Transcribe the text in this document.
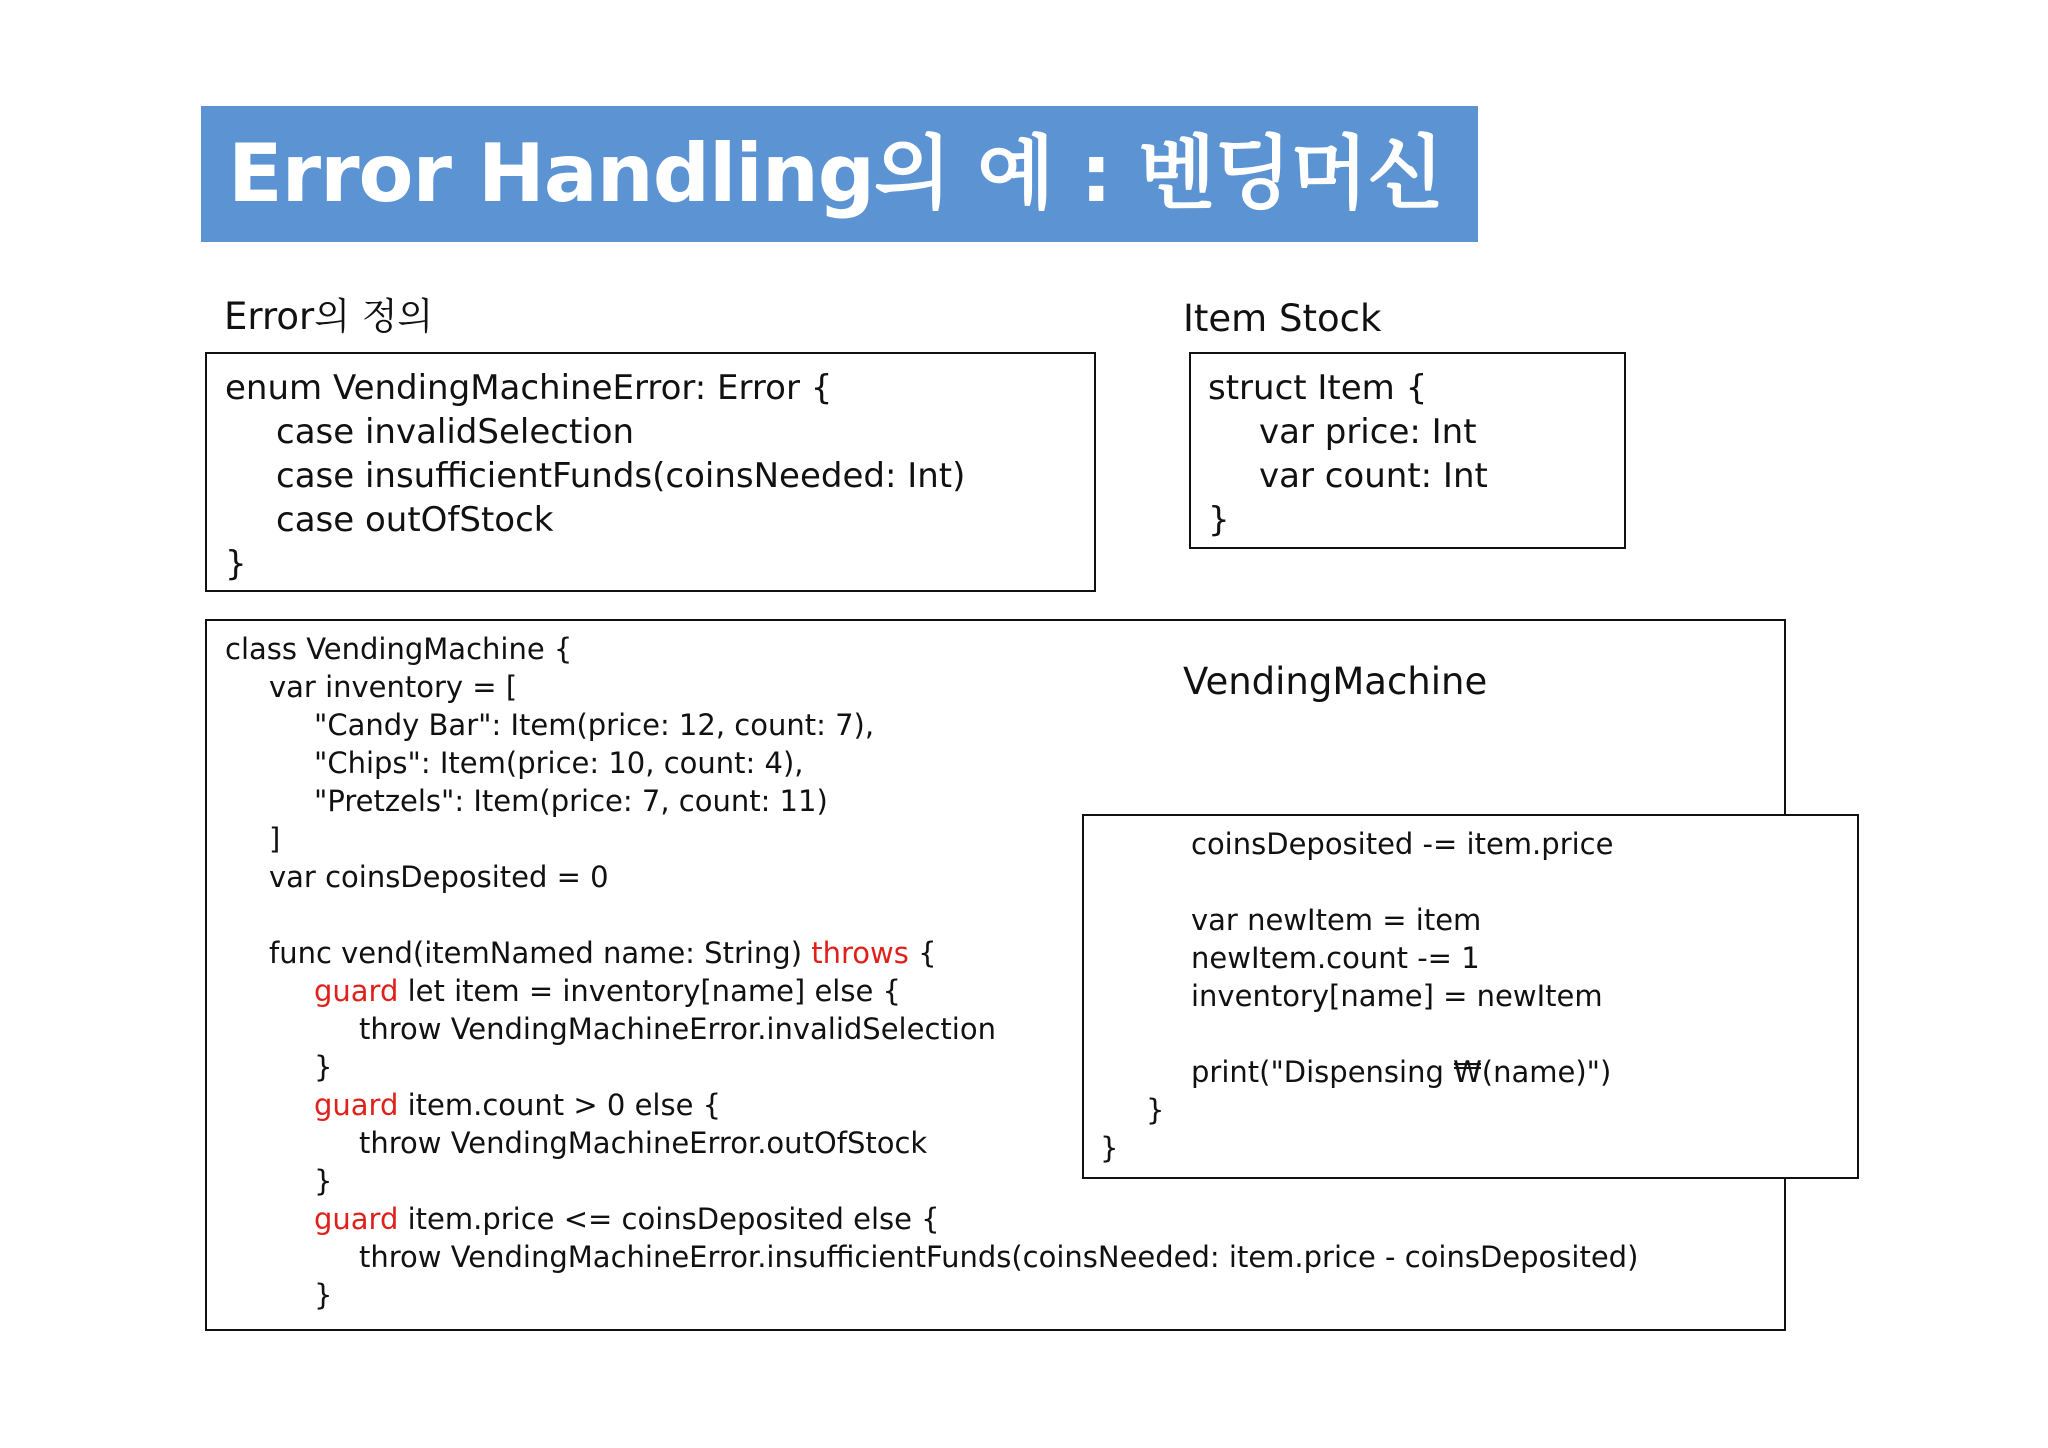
Error Handling의 예 : 벤딩머신
Error의 정의	Item Stock
enum VendingMachineError: Error {
case invalidSelection
case insufficientFunds(coinsNeeded: Int)
case outOfStock
}
struct Item {
var price: Int
var count: Int
}
class VendingMachine {
var inventory = [
"Candy Bar": Item(price: 12, count: 7),
"Chips": Item(price: 10, count: 4),
"Pretzels": Item(price: 7, count: 11)
]
var coinsDeposited = 0
func vend(itemNamed name: String) throws {
guard let item = inventory[name] else {
throw VendingMachineError.invalidSelection
}
guard item.count > 0 else {
throw VendingMachineError.outOfStock
}
guard item.price <= coinsDeposited else {
throw VendingMachineError.insufficientFunds(coinsNeeded: item.price - coinsDeposited)
}
VendingMachine
coinsDeposited -= item.price
var newItem = item
newItem.count -= 1
inventory[name] = newItem
print("Dispensing ₩(name)")
}
}
